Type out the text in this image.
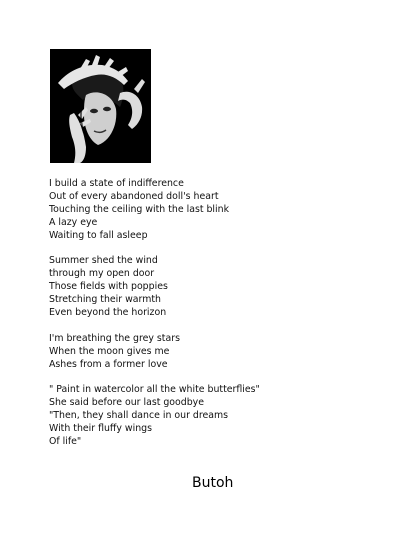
I build a state of indifference
Out of every abandoned doll's heart
Touching the ceiling with the last blink
A lazy eye
Waiting to fall asleep
Summer shed the wind
through my open door
Those fields with poppies
Stretching their warmth
Even beyond the horizon
I'm breathing the grey stars
When the moon gives me
Ashes from a former love
" Paint in watercolor all the white butterflies"
She said before our last goodbye
"Then, they shall dance in our dreams
With their fluffy wings
Of life"
Butoh
